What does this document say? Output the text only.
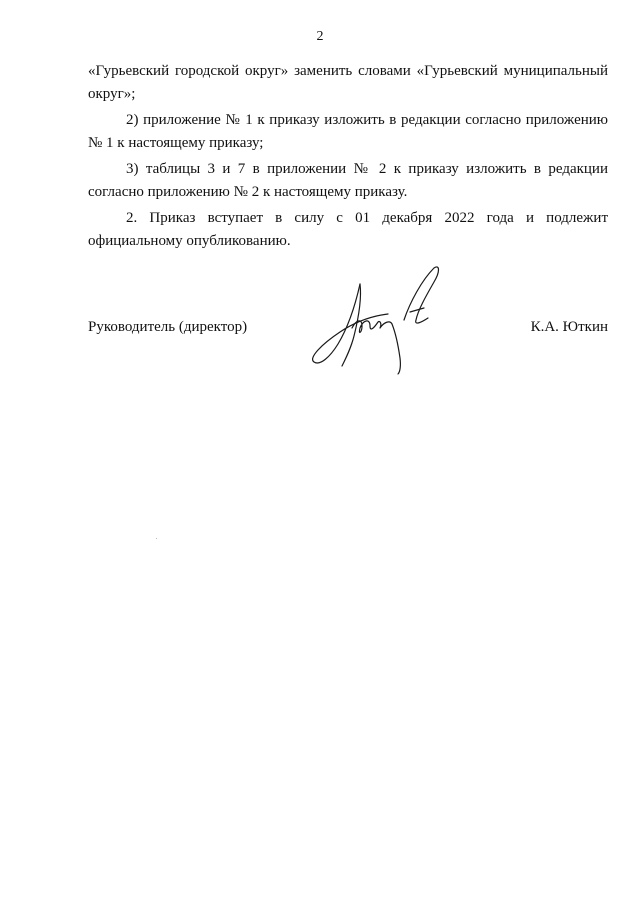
2

«Гурьевский городской округ» заменить словами «Гурьевский муниципальный округ»;

2) приложение № 1 к приказу изложить в редакции согласно приложению № 1 к настоящему приказу;

3) таблицы 3 и 7 в приложении № 2 к приказу изложить в редакции согласно приложению № 2 к настоящему приказу.

2. Приказ вступает в силу с 01 декабря 2022 года и подлежит официальному опубликованию.

Руководитель (директор)	К.А. Юткин
